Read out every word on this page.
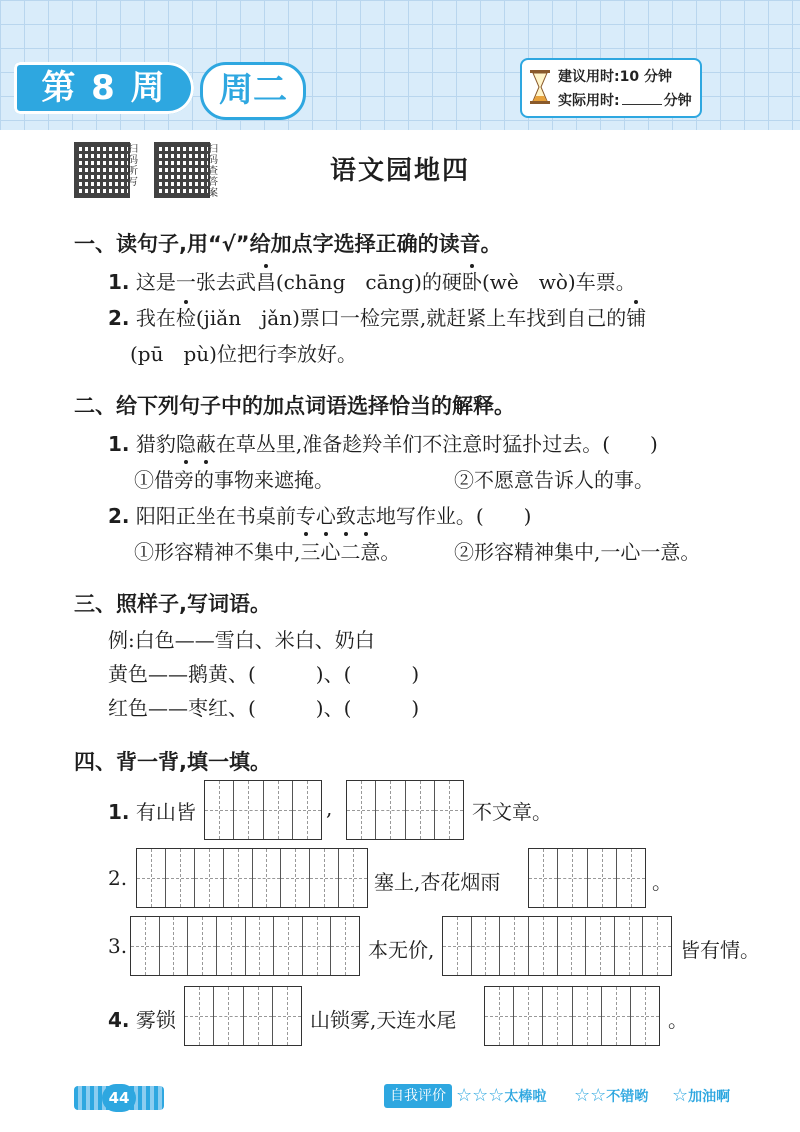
第 8 周	周二	建议用时:10 分钟
实际用时:	分钟
扫码听写
扫码查答案
语文园地四
一、读句子,用“√”给加点字选择正确的读音。
1. 这是一张去武昌(chāng　cāng)的硬卧(wè　wò)车票。
2. 我在检(jiǎn　jǎn)票口一检完票,就赶紧上车找到自己的铺
(pū　pù)位把行李放好。
二、给下列句子中的加点词语选择恰当的解释。
1. 猎豹隐蔽在草丛里,准备趁羚羊们不注意时猛扑过去。(　　)
①借旁的事物来遮掩。	②不愿意告诉人的事。
2. 阳阳正坐在书桌前专心致志地写作业。(　　)
①形容精神不集中,三心二意。	②形容精神集中,一心一意。
三、照样子,写词语。
例:白色——雪白、米白、奶白
黄色——鹅黄、(　　　)、(　　　)
红色——枣红、(　　　)、(　　　)
四、背一背,填一填。
1. 有山皆	,	不文章。
2.	塞上,杏花烟雨	。
3.	本无价,	皆有情。
4. 雾锁	山锁雾,天连水尾	。
44	自我评价 ☆☆☆太棒啦 ☆☆不错哟 ☆加油啊
